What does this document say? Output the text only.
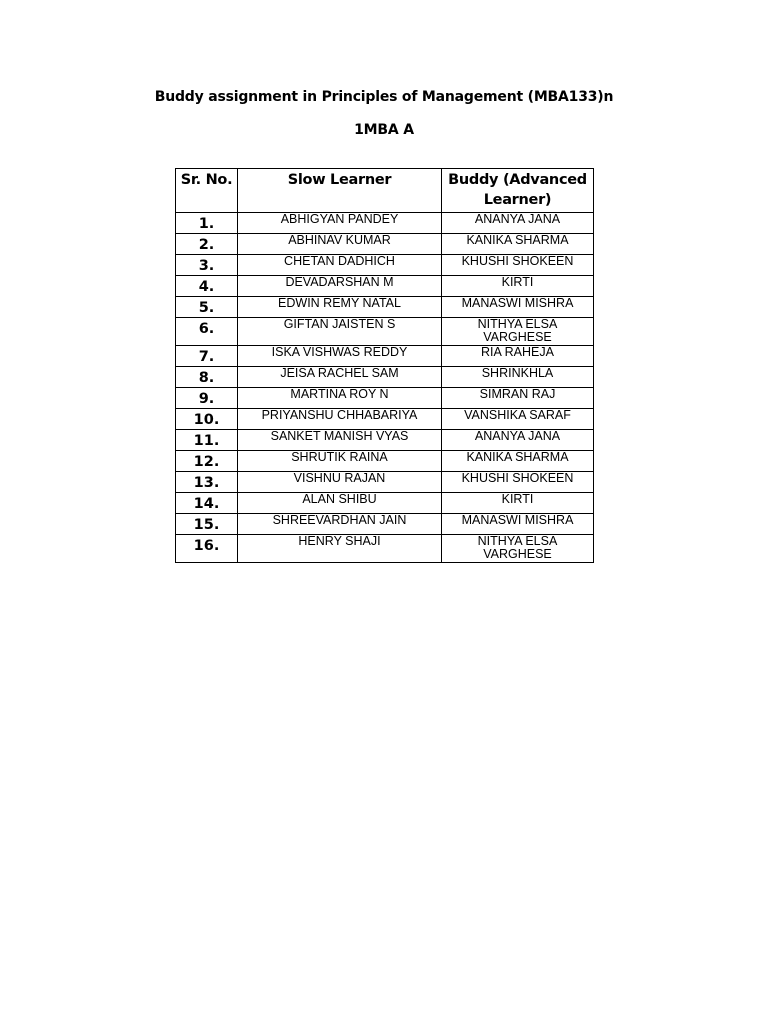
Buddy assignment in Principles of Management (MBA133)n
1MBA A
Sr. No.	Slow Learner	Buddy (Advanced Learner)
1.	ABHIGYAN PANDEY	ANANYA JANA
2.	ABHINAV KUMAR	KANIKA SHARMA
3.	CHETAN DADHICH	KHUSHI SHOKEEN
4.	DEVADARSHAN M	KIRTI
5.	EDWIN REMY NATAL	MANASWI MISHRA
6.	GIFTAN JAISTEN S	NITHYA ELSA VARGHESE
7.	ISKA VISHWAS REDDY	RIA RAHEJA
8.	JEISA RACHEL SAM	SHRINKHLA
9.	MARTINA ROY N	SIMRAN RAJ
10.	PRIYANSHU CHHABARIYA	VANSHIKA SARAF
11.	SANKET MANISH VYAS	ANANYA JANA
12.	SHRUTIK RAINA	KANIKA SHARMA
13.	VISHNU RAJAN	KHUSHI SHOKEEN
14.	ALAN SHIBU	KIRTI
15.	SHREEVARDHAN JAIN	MANASWI MISHRA
16.	HENRY SHAJI	NITHYA ELSA VARGHESE
